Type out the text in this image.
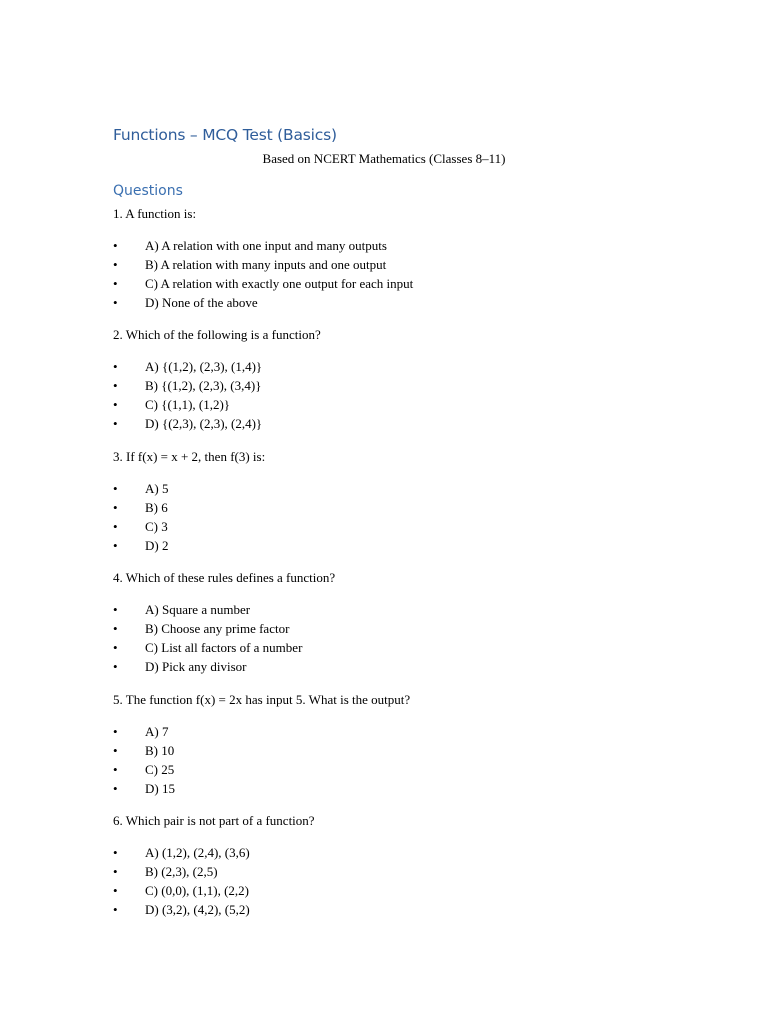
Functions – MCQ Test (Basics)
Based on NCERT Mathematics (Classes 8–11)
Questions
1. A function is:
• A) A relation with one input and many outputs
• B) A relation with many inputs and one output
• C) A relation with exactly one output for each input
• D) None of the above
2. Which of the following is a function?
• A) {(1,2), (2,3), (1,4)}
• B) {(1,2), (2,3), (3,4)}
• C) {(1,1), (1,2)}
• D) {(2,3), (2,3), (2,4)}
3. If f(x) = x + 2, then f(3) is:
• A) 5
• B) 6
• C) 3
• D) 2
4. Which of these rules defines a function?
• A) Square a number
• B) Choose any prime factor
• C) List all factors of a number
• D) Pick any divisor
5. The function f(x) = 2x has input 5. What is the output?
• A) 7
• B) 10
• C) 25
• D) 15
6. Which pair is not part of a function?
• A) (1,2), (2,4), (3,6)
• B) (2,3), (2,5)
• C) (0,0), (1,1), (2,2)
• D) (3,2), (4,2), (5,2)
